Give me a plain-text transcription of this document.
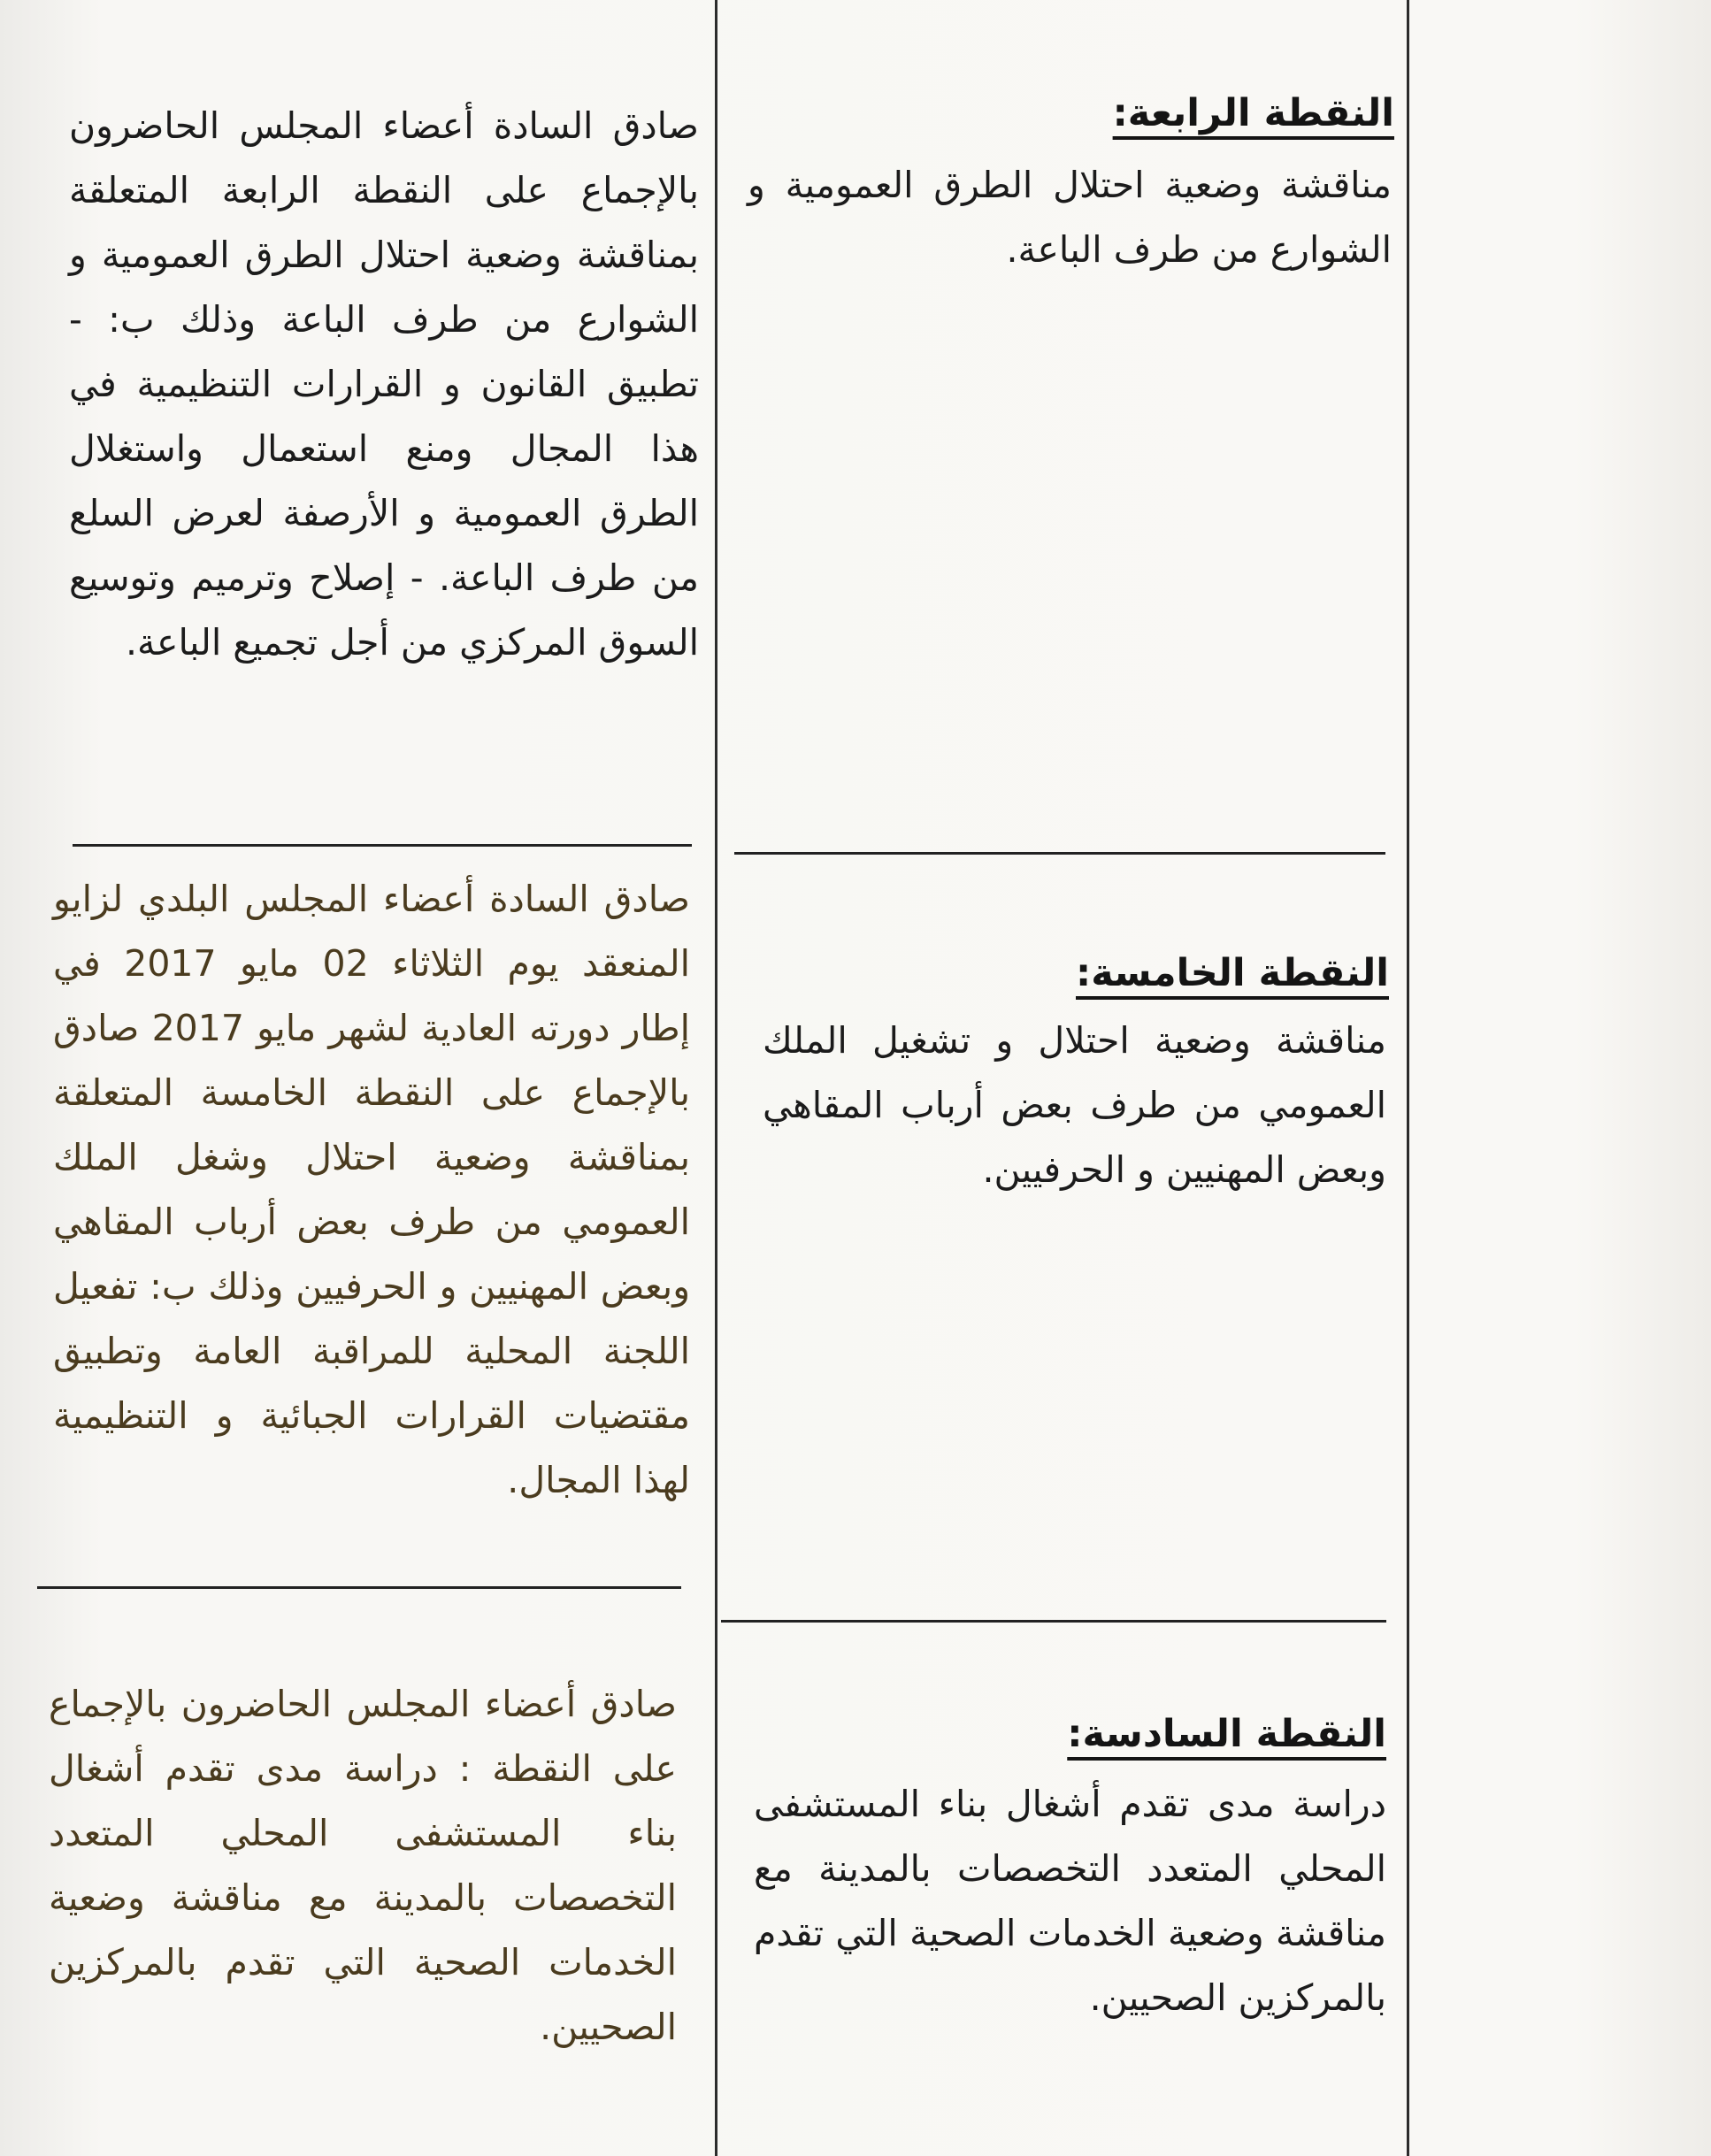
النقطة الرابعة:

مناقشة وضعية احتلال الطرق العمومية و الشوارع من طرف الباعة.

صادق السادة أعضاء المجلس الحاضرون بالإجماع على النقطة الرابعة المتعلقة بمناقشة وضعية احتلال الطرق العمومية و الشوارع من طرف الباعة وذلك ب: - تطبيق القانون و القرارات التنظيمية في هذا المجال ومنع استعمال واستغلال الطرق العمومية و الأرصفة لعرض السلع من طرف الباعة. - إصلاح وترميم وتوسيع السوق المركزي من أجل تجميع الباعة.

النقطة الخامسة:

مناقشة وضعية احتلال و تشغيل الملك العمومي من طرف بعض أرباب المقاهي وبعض المهنيين و الحرفيين.

صادق السادة أعضاء المجلس البلدي لزايو المنعقد يوم الثلاثاء 02 مايو 2017 في إطار دورته العادية لشهر مايو 2017 صادق بالإجماع على النقطة الخامسة المتعلقة بمناقشة وضعية احتلال وشغل الملك العمومي من طرف بعض أرباب المقاهي وبعض المهنيين و الحرفيين وذلك ب: تفعيل اللجنة المحلية للمراقبة العامة وتطبيق مقتضيات القرارات الجبائية و التنظيمية لهذا المجال.

النقطة السادسة:

دراسة مدى تقدم أشغال بناء المستشفى المحلي المتعدد التخصصات بالمدينة مع مناقشة وضعية الخدمات الصحية التي تقدم بالمركزين الصحيين.

صادق أعضاء المجلس الحاضرون بالإجماع على النقطة : دراسة مدى تقدم أشغال بناء المستشفى المحلي المتعدد التخصصات بالمدينة مع مناقشة وضعية الخدمات الصحية التي تقدم بالمركزين الصحيين.
